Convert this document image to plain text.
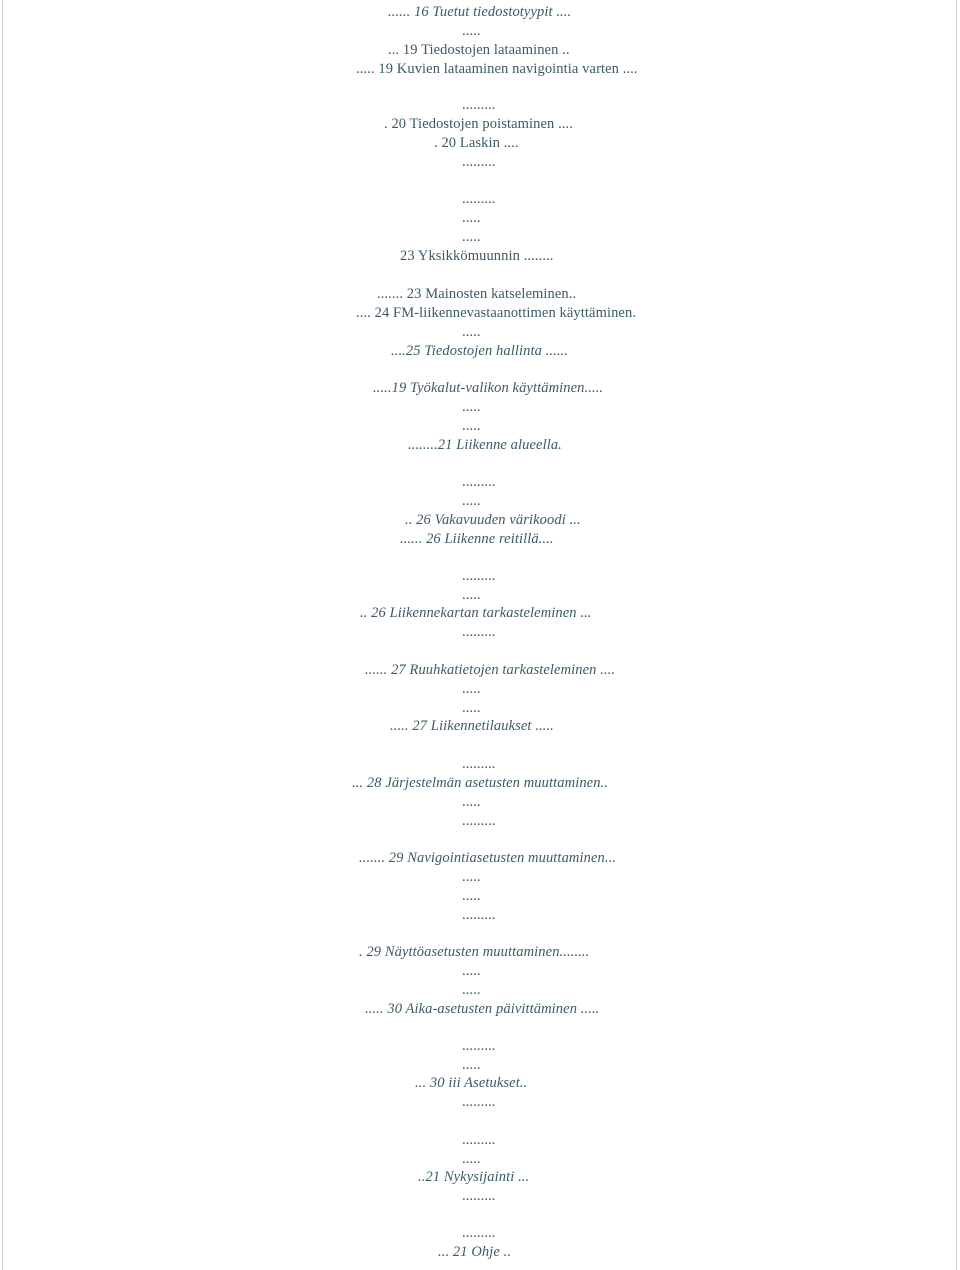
...... 16 Tuetut tiedostotyypit ....
.....
... 19 Tiedostojen lataaminen ..
..... 19 Kuvien lataaminen navigointia varten ....
.........
. 20 Tiedostojen poistaminen ....
. 20 Laskin ....
.........
.........
.....
.....
23 Yksikkömuunnin ........
....... 23 Mainosten katseleminen..
.... 24 FM-liikennevastaanottimen käyttäminen.
.....
....25 Tiedostojen hallinta ......
.....19 Työkalut-valikon käyttäminen.....
.....
.....
........21 Liikenne alueella.
.........
.....
.. 26 Vakavuuden värikoodi ...
...... 26 Liikenne reitillä....
.........
.....
.. 26 Liikennekartan tarkasteleminen ...
.........
...... 27 Ruuhkatietojen tarkasteleminen ....
.....
.....
..... 27 Liikennetilaukset .....
.........
... 28 Järjestelmän asetusten muuttaminen..
.....
.........
....... 29 Navigointiasetusten muuttaminen...
.....
.....
.........
. 29 Näyttöasetusten muuttaminen........
.....
.....
..... 30 Aika-asetusten päivittäminen .....
.........
.....
... 30 iii Asetukset..
.........
.........
.....
..21 Nykysijainti ...
.........
.........
... 21 Ohje ..
